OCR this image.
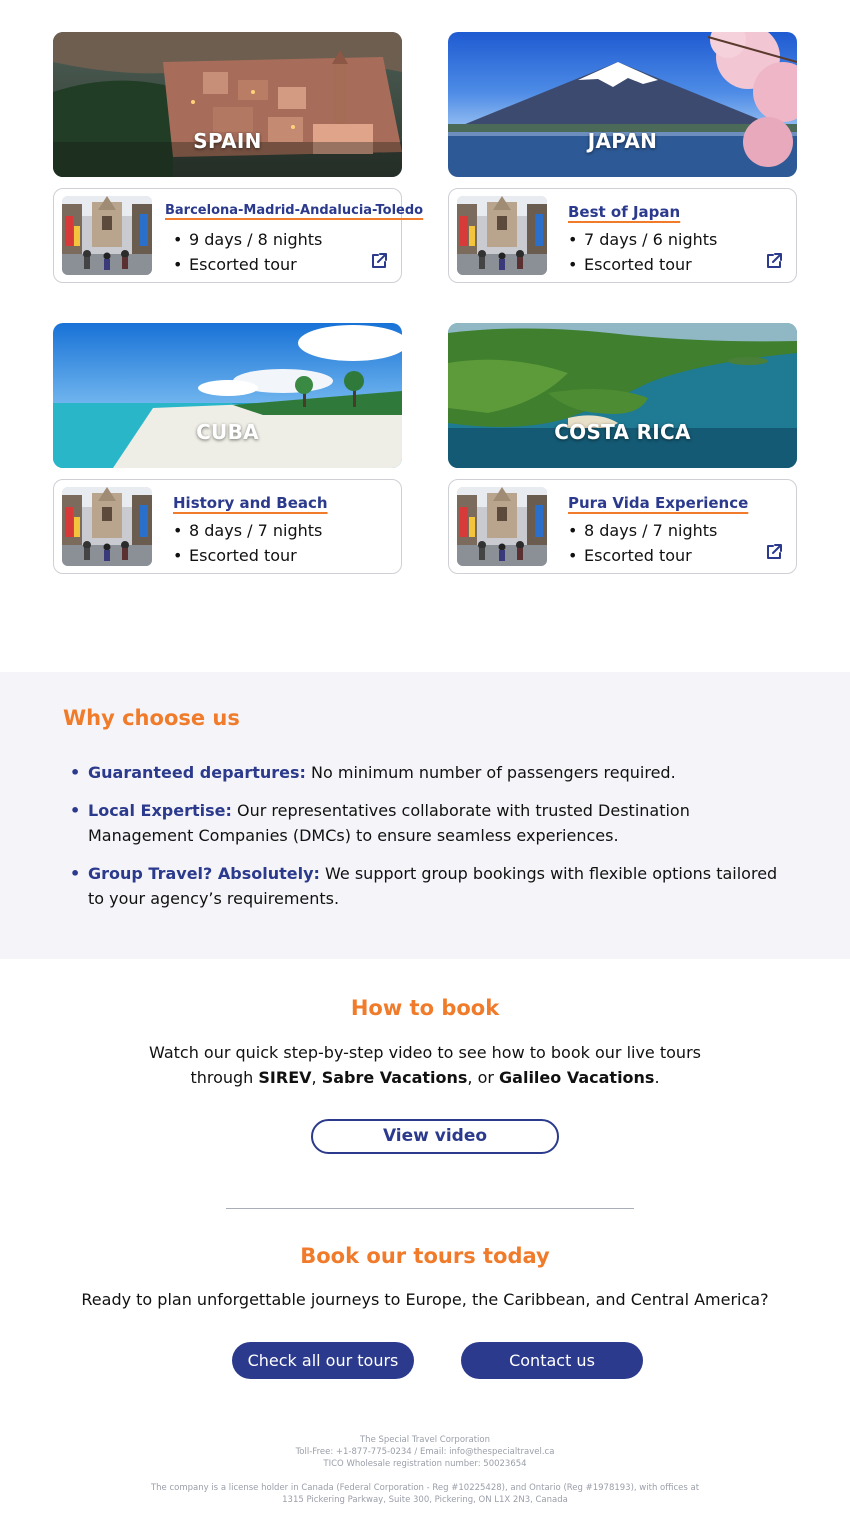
SPAIN	JAPAN
Barcelona-Madrid-Andalucia-Toledo
• 9 days / 8 nights
• Escorted tour
Best of Japan
• 7 days / 6 nights
• Escorted tour
CUBA	COSTA RICA
History and Beach
• 8 days / 7 nights
• Escorted tour
Pura Vida Experience
• 8 days / 7 nights
• Escorted tour
Why choose us
• Guaranteed departures: No minimum number of passengers required.
• Local Expertise: Our representatives collaborate with trusted Destination Management Companies (DMCs) to ensure seamless experiences.
• Group Travel? Absolutely: We support group bookings with flexible options tailored to your agency’s requirements.
How to book
Watch our quick step-by-step video to see how to book our live tours
through SIREV, Sabre Vacations, or Galileo Vacations.
View video
Book our tours today
Ready to plan unforgettable journeys to Europe, the Caribbean, and Central America?
Check all our tours	Contact us
The Special Travel Corporation
Toll-Free: +1-877-775-0234 / Email: info@thespecialtravel.ca
TICO Wholesale registration number: 50023654
The company is a license holder in Canada (Federal Corporation - Reg #10225428), and Ontario (Reg #1978193), with offices at
1315 Pickering Parkway, Suite 300, Pickering, ON L1X 2N3, Canada
